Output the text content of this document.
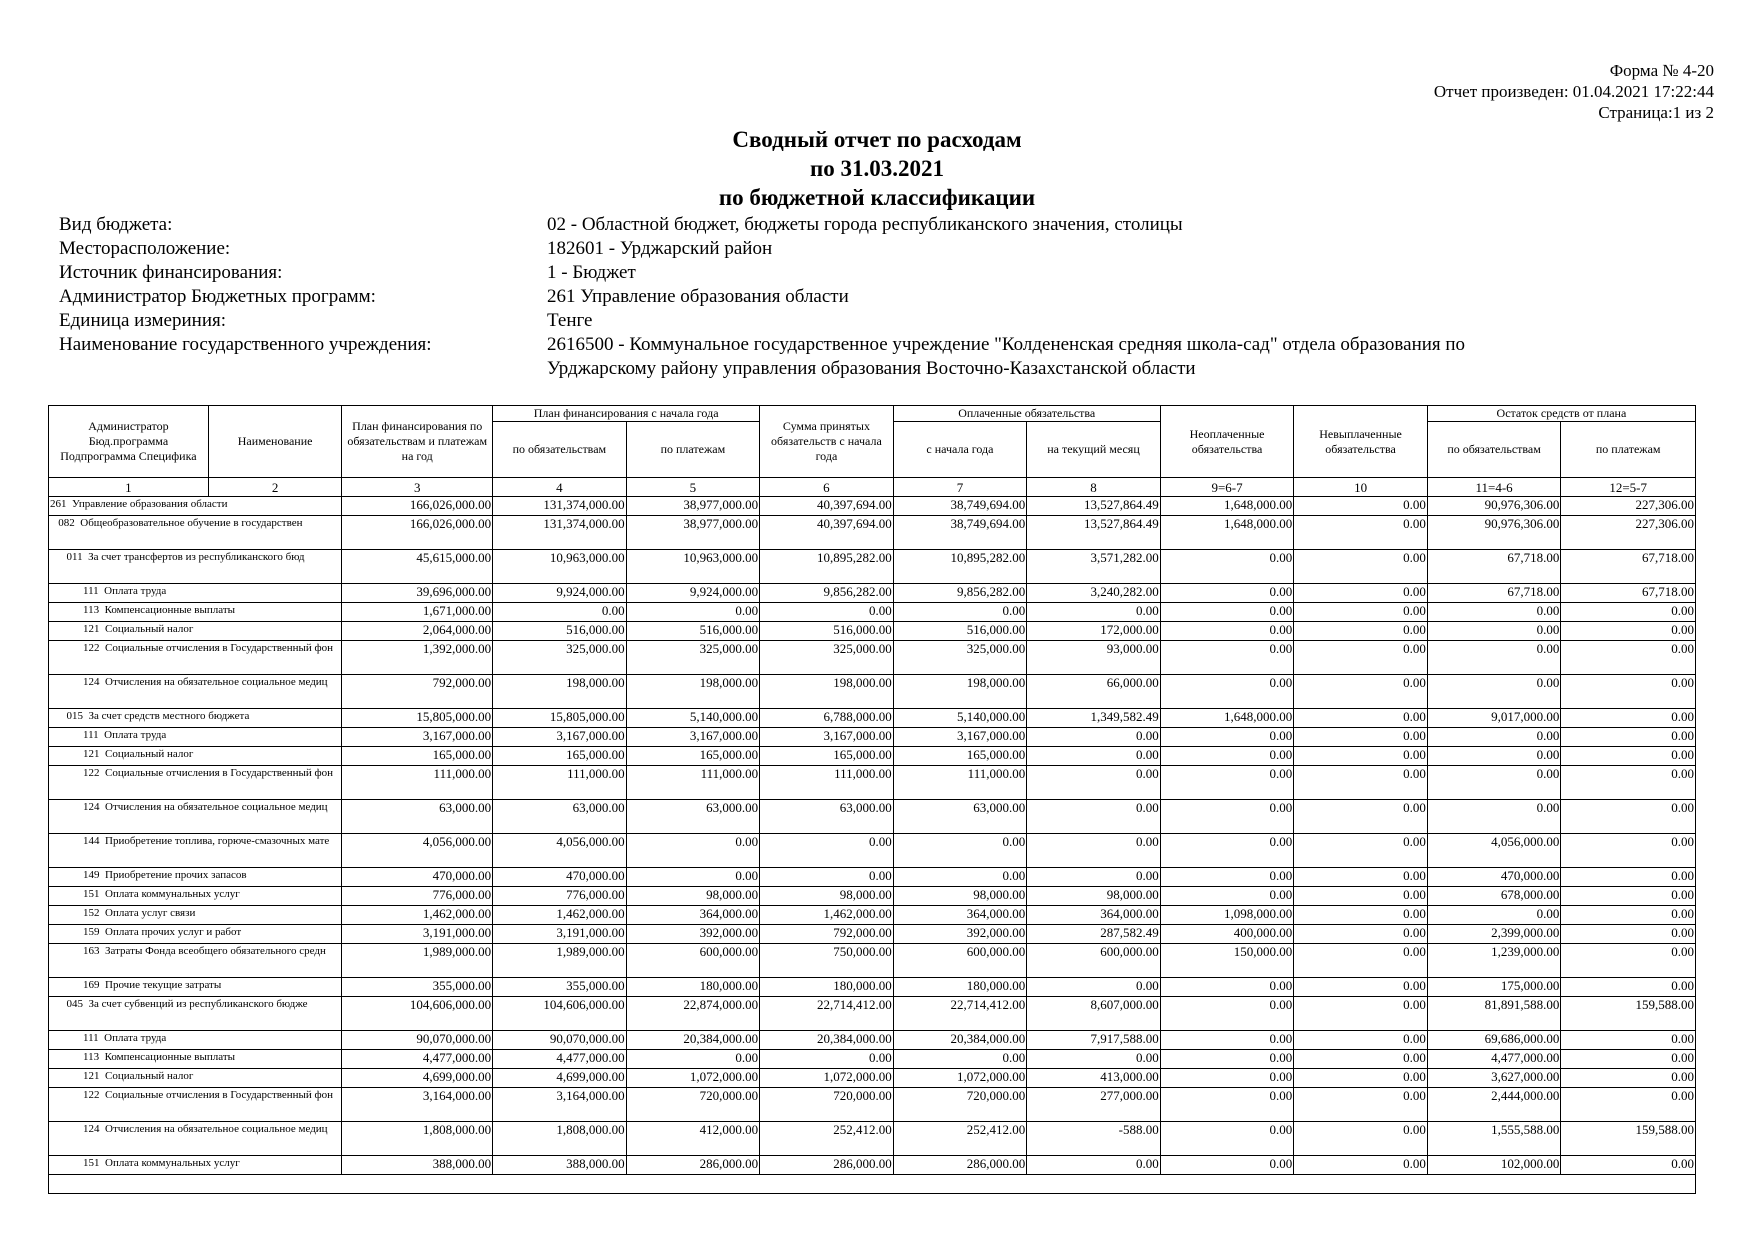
Форма № 4-20
Отчет произведен: 01.04.2021 17:22:44
Страница:1 из 2
Сводный отчет по расходам
по 31.03.2021
по бюджетной классификации
Вид бюджета:	02 - Областной бюджет, бюджеты города республиканского значения, столицы
Месторасположение:	182601 - Урджарский район
Источник финансирования:	1 - Бюджет
Администратор Бюджетных программ:	261 Управление образования области
Единица измериния:	Тенге
Наименование государственного учреждения:	2616500 - Коммунальное государственное учреждение "Колдененская средняя школа-сад" отдела образования по Урджарскому району управления образования Восточно-Казахстанской области
Администратор Бюд.программа Подпрограмма Специфика	Наименование	План финансирования по обязательствам и платежам на год	План финансирования с начала года		Сумма принятых обязательств с начала года	Оплаченные обязательства		Неоплаченные обязательства	Невыплаченные обязательства	Остаток средств от плана	
			по обязательствам	по платежам		с начала года	на текущий месяц			по обязательствам	по платежам
1	2	3	4	5	6	7	8	9=6-7	10	11=4-6	12=5-7
261  Управление образования области		166,026,000.00	131,374,000.00	38,977,000.00	40,397,694.00	38,749,694.00	13,527,864.49	1,648,000.00	0.00	90,976,306.00	227,306.00
082  Общеобразовательное обучение в государствен		166,026,000.00	131,374,000.00	38,977,000.00	40,397,694.00	38,749,694.00	13,527,864.49	1,648,000.00	0.00	90,976,306.00	227,306.00
011  За счет трансфертов из республиканского бюд		45,615,000.00	10,963,000.00	10,963,000.00	10,895,282.00	10,895,282.00	3,571,282.00	0.00	0.00	67,718.00	67,718.00
111  Оплата труда		39,696,000.00	9,924,000.00	9,924,000.00	9,856,282.00	9,856,282.00	3,240,282.00	0.00	0.00	67,718.00	67,718.00
113  Компенсационные выплаты		1,671,000.00	0.00	0.00	0.00	0.00	0.00	0.00	0.00	0.00	0.00
121  Социальный налог		2,064,000.00	516,000.00	516,000.00	516,000.00	516,000.00	172,000.00	0.00	0.00	0.00	0.00
122  Социальные отчисления в Государственный фон		1,392,000.00	325,000.00	325,000.00	325,000.00	325,000.00	93,000.00	0.00	0.00	0.00	0.00
124  Отчисления на обязательное социальное медиц		792,000.00	198,000.00	198,000.00	198,000.00	198,000.00	66,000.00	0.00	0.00	0.00	0.00
015  За счет средств местного бюджета		15,805,000.00	15,805,000.00	5,140,000.00	6,788,000.00	5,140,000.00	1,349,582.49	1,648,000.00	0.00	9,017,000.00	0.00
111  Оплата труда		3,167,000.00	3,167,000.00	3,167,000.00	3,167,000.00	3,167,000.00	0.00	0.00	0.00	0.00	0.00
121  Социальный налог		165,000.00	165,000.00	165,000.00	165,000.00	165,000.00	0.00	0.00	0.00	0.00	0.00
122  Социальные отчисления в Государственный фон		111,000.00	111,000.00	111,000.00	111,000.00	111,000.00	0.00	0.00	0.00	0.00	0.00
124  Отчисления на обязательное социальное медиц		63,000.00	63,000.00	63,000.00	63,000.00	63,000.00	0.00	0.00	0.00	0.00	0.00
144  Приобретение топлива, горюче-смазочных мате		4,056,000.00	4,056,000.00	0.00	0.00	0.00	0.00	0.00	0.00	4,056,000.00	0.00
149  Приобретение прочих запасов		470,000.00	470,000.00	0.00	0.00	0.00	0.00	0.00	0.00	470,000.00	0.00
151  Оплата коммунальных услуг		776,000.00	776,000.00	98,000.00	98,000.00	98,000.00	98,000.00	0.00	0.00	678,000.00	0.00
152  Оплата услуг связи		1,462,000.00	1,462,000.00	364,000.00	1,462,000.00	364,000.00	364,000.00	1,098,000.00	0.00	0.00	0.00
159  Оплата прочих услуг и работ		3,191,000.00	3,191,000.00	392,000.00	792,000.00	392,000.00	287,582.49	400,000.00	0.00	2,399,000.00	0.00
163  Затраты Фонда всеобщего обязательного средн		1,989,000.00	1,989,000.00	600,000.00	750,000.00	600,000.00	600,000.00	150,000.00	0.00	1,239,000.00	0.00
169  Прочие текущие затраты		355,000.00	355,000.00	180,000.00	180,000.00	180,000.00	0.00	0.00	0.00	175,000.00	0.00
045  За счет субвенций из республиканского бюдже		104,606,000.00	104,606,000.00	22,874,000.00	22,714,412.00	22,714,412.00	8,607,000.00	0.00	0.00	81,891,588.00	159,588.00
111  Оплата труда		90,070,000.00	90,070,000.00	20,384,000.00	20,384,000.00	20,384,000.00	7,917,588.00	0.00	0.00	69,686,000.00	0.00
113  Компенсационные выплаты		4,477,000.00	4,477,000.00	0.00	0.00	0.00	0.00	0.00	0.00	4,477,000.00	0.00
121  Социальный налог		4,699,000.00	4,699,000.00	1,072,000.00	1,072,000.00	1,072,000.00	413,000.00	0.00	0.00	3,627,000.00	0.00
122  Социальные отчисления в Государственный фон		3,164,000.00	3,164,000.00	720,000.00	720,000.00	720,000.00	277,000.00	0.00	0.00	2,444,000.00	0.00
124  Отчисления на обязательное социальное медиц		1,808,000.00	1,808,000.00	412,000.00	252,412.00	252,412.00	-588.00	0.00	0.00	1,555,588.00	159,588.00
151  Оплата коммунальных услуг		388,000.00	388,000.00	286,000.00	286,000.00	286,000.00	0.00	0.00	0.00	102,000.00	0.00
